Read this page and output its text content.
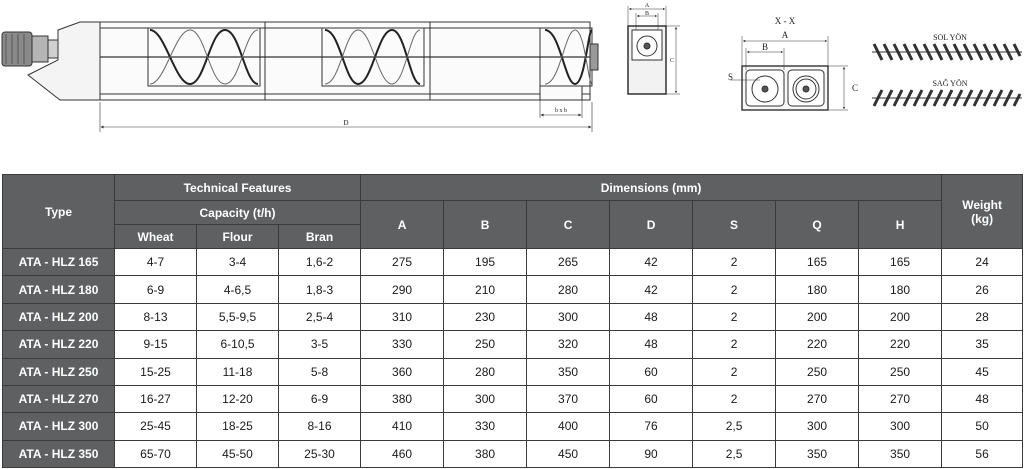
D
b x b
A
B
C
X - X
A
B
C
S
SOL YÖN
SAĞ YÖN
Type	Technical Features			Dimensions (mm)							Weight
(kg)

	Capacity (t/h)			A	B	C	D	S	Q	H	
	Wheat	Flour	Bran								
ATA - HLZ 165	4-7	3-4	1,6-2	275	195	265	42	2	165	165	24
ATA - HLZ 180	6-9	4-6,5	1,8-3	290	210	280	42	2	180	180	26
ATA - HLZ 200	8-13	5,5-9,5	2,5-4	310	230	300	48	2	200	200	28
ATA - HLZ 220	9-15	6-10,5	3-5	330	250	320	48	2	220	220	35
ATA - HLZ 250	15-25	11-18	5-8	360	280	350	60	2	250	250	45
ATA - HLZ 270	16-27	12-20	6-9	380	300	370	60	2	270	270	48
ATA - HLZ 300	25-45	18-25	8-16	410	330	400	76	2,5	300	300	50
ATA - HLZ 350	65-70	45-50	25-30	460	380	450	90	2,5	350	350	56
